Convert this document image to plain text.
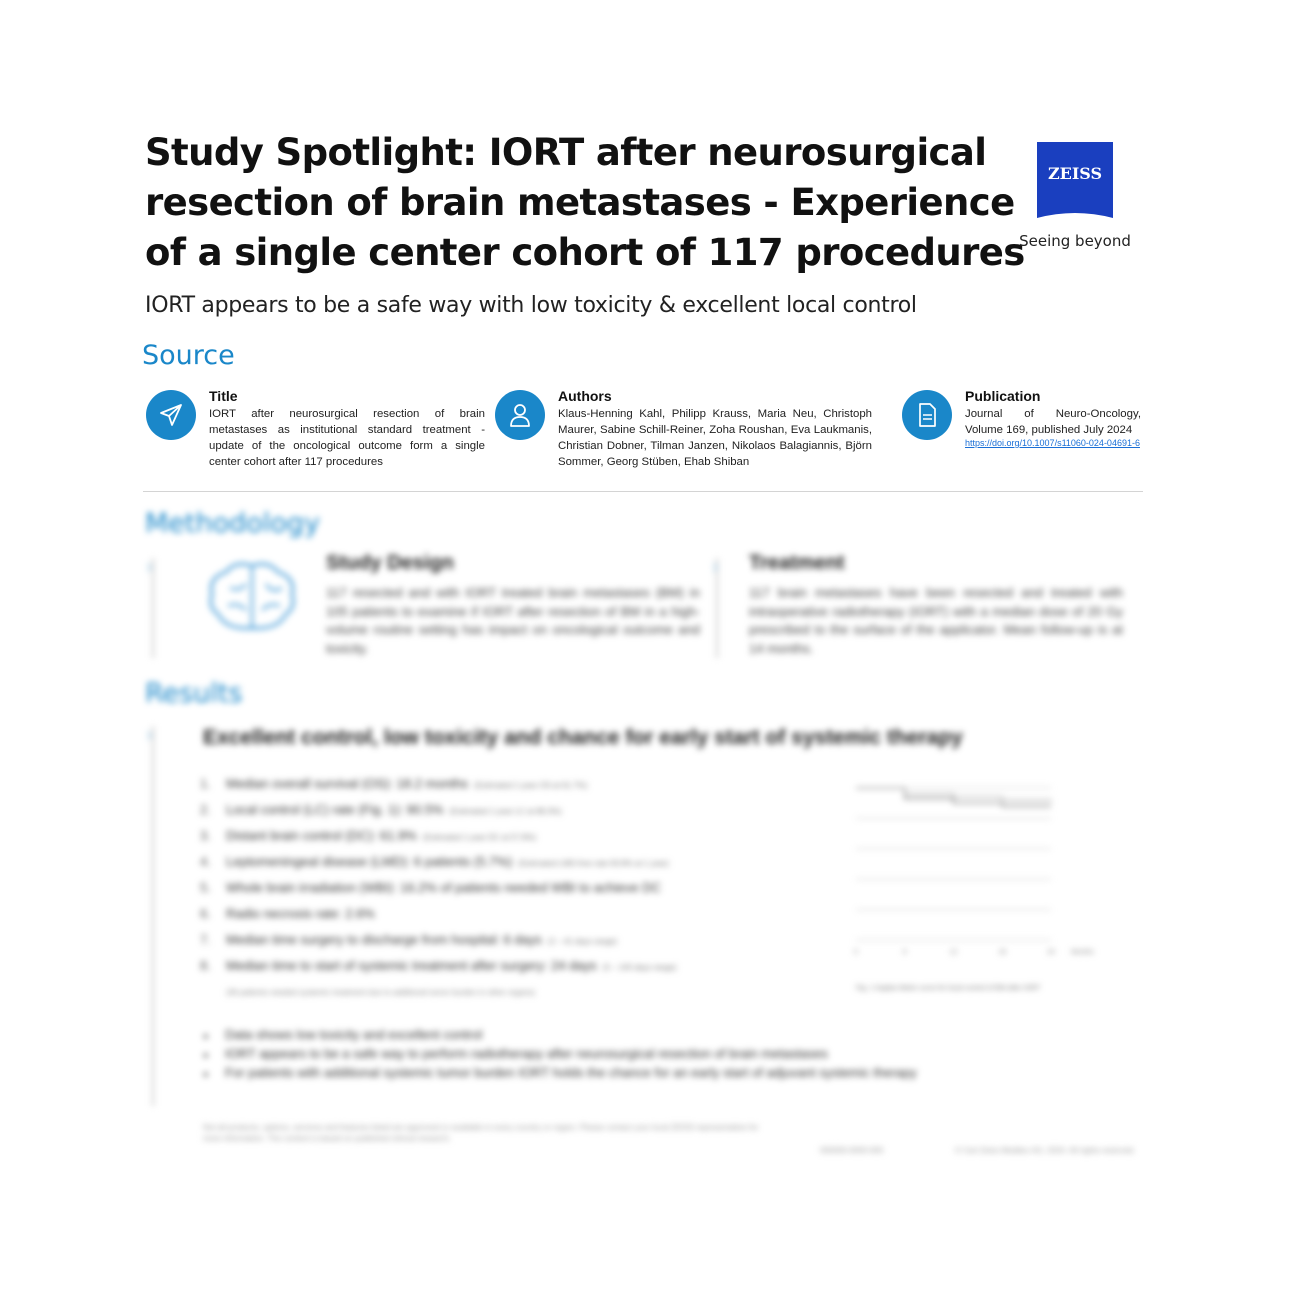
Study Spotlight: IORT after neurosurgical
resection of brain metastases - Experience
of a single center cohort of 117 procedures
ZEISS
Seeing beyond

IORT appears to be a safe way with low toxicity & excellent local control

Source

Title

IORT after neurosurgical resection of brain metastases as institutional standard treatment - update of the oncological outcome form a single center cohort after 117 procedures

Authors

Klaus-Henning Kahl, Philipp Krauss, Maria Neu, Christoph Maurer, Sabine Schill-Reiner, Zoha Roushan, Eva Laukmanis, Christian Dobner, Tilman Janzen, Nikolaos Balagiannis, Björn Sommer, Georg Stüben, Ehab Shiban

Publication

Journal of Neuro-Oncology, Volume 169, published July 2024

https://doi.org/10.1007/s11060-024-04691-6
Methodology
›	Study Design

117 resected and with IORT treated brain metastases (BM) in 105 patients to examine if IORT after resection of BM in a high-volume routine setting has impact on oncological outcome and toxicity.

› Treatment

117 brain metastases have been resected and treated with intraoperative radiotherapy (IORT) with a median dose of 20 Gy prescribed to the surface of the applicator. Mean follow-up is at 14 months.

Results
› Excellent control, low toxicity and chance for early start of systemic therapy
1. Median overall survival (OS): 18.2 months (Estimated 1-year OS at 61.7%)
2. Local control (LC) rate (Fig. 1): 90.5% (Estimated 1-year LC at 88.3%)
3. Distant brain control (DC): 61.9% (Estimated 1-year DC at 57.8%)
4. Leptomeningeal disease (LMD): 6 patients (5.7%) (Estimated LMD-free rate 93.8% at 1 year)
5. Whole brain irradiation (WBI): 16.2% of patients needed WBI to achieve DC
6. Radio necrosis rate: 2.6%
7. Median time surgery to discharge from hospital: 6 days (2 – 41 days range)
8. Median time to start of systemic treatment after surgery: 24 days (5 – 145 days range)
(36 patients needed systemic treatment due to additional tumor burden in other organs)
0	6	12	18	24 Months
Fig. 1 Kaplan-Meier curve for local control of BM after IORT
● Data shows low toxicity and excellent control
● IORT appears to be a safe way to perform radiotherapy after neurosurgical resection of brain metastases
● For patients with additional systemic tumor burden IORT holds the chance for an early start of adjuvant systemic therapy
Not all products, options, services and features listed are approved or available in every country or region. Please contact your local ZEISS representative for more information. The content is based on published clinical research.
000000-0000-000	© Carl Zeiss Meditec AG, 2024. All rights reserved.
